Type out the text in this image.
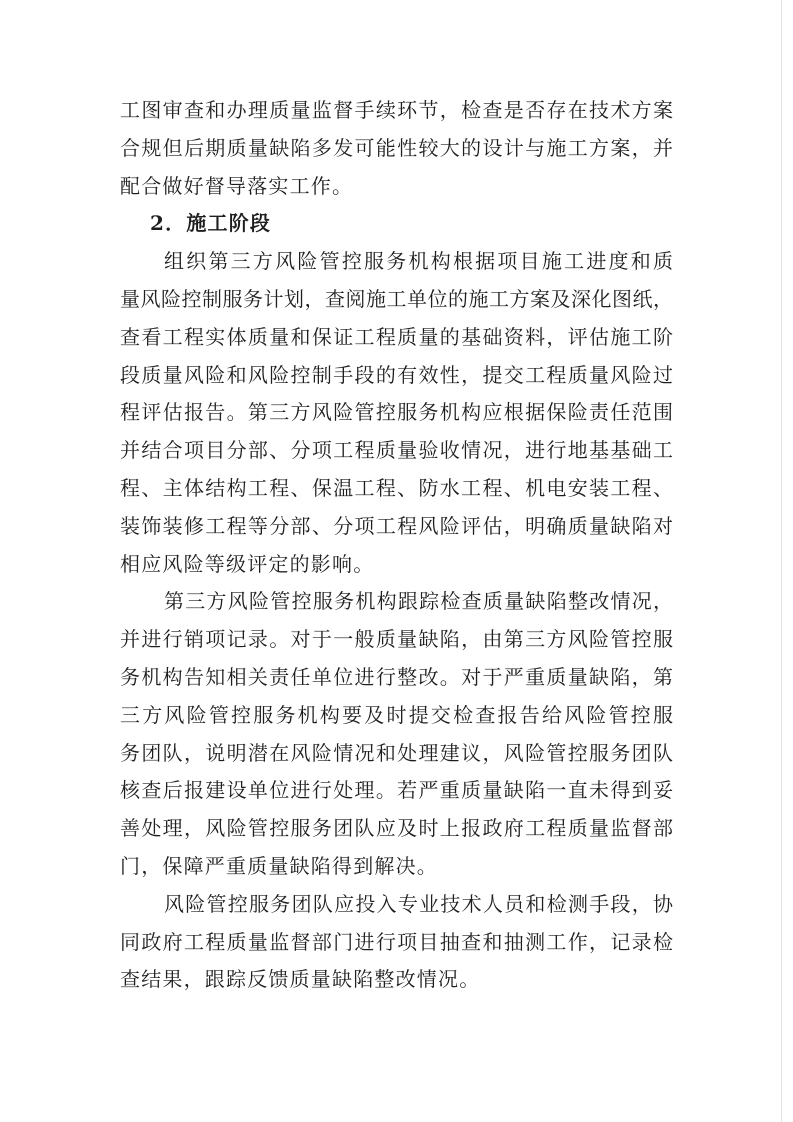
工图审查和办理质量监督手续环节，检查是否存在技术方案
合规但后期质量缺陷多发可能性较大的设计与施工方案，并
配合做好督导落实工作。
2．施工阶段
组织第三方风险管控服务机构根据项目施工进度和质
量风险控制服务计划，查阅施工单位的施工方案及深化图纸，
查看工程实体质量和保证工程质量的基础资料，评估施工阶
段质量风险和风险控制手段的有效性，提交工程质量风险过
程评估报告。第三方风险管控服务机构应根据保险责任范围
并结合项目分部、分项工程质量验收情况，进行地基基础工
程、主体结构工程、保温工程、防水工程、机电安装工程、
装饰装修工程等分部、分项工程风险评估，明确质量缺陷对
相应风险等级评定的影响。
第三方风险管控服务机构跟踪检查质量缺陷整改情况，
并进行销项记录。对于一般质量缺陷，由第三方风险管控服
务机构告知相关责任单位进行整改。对于严重质量缺陷，第
三方风险管控服务机构要及时提交检查报告给风险管控服
务团队，说明潜在风险情况和处理建议，风险管控服务团队
核查后报建设单位进行处理。若严重质量缺陷一直未得到妥
善处理，风险管控服务团队应及时上报政府工程质量监督部
门，保障严重质量缺陷得到解决。
风险管控服务团队应投入专业技术人员和检测手段，协
同政府工程质量监督部门进行项目抽查和抽测工作，记录检
查结果，跟踪反馈质量缺陷整改情况。
